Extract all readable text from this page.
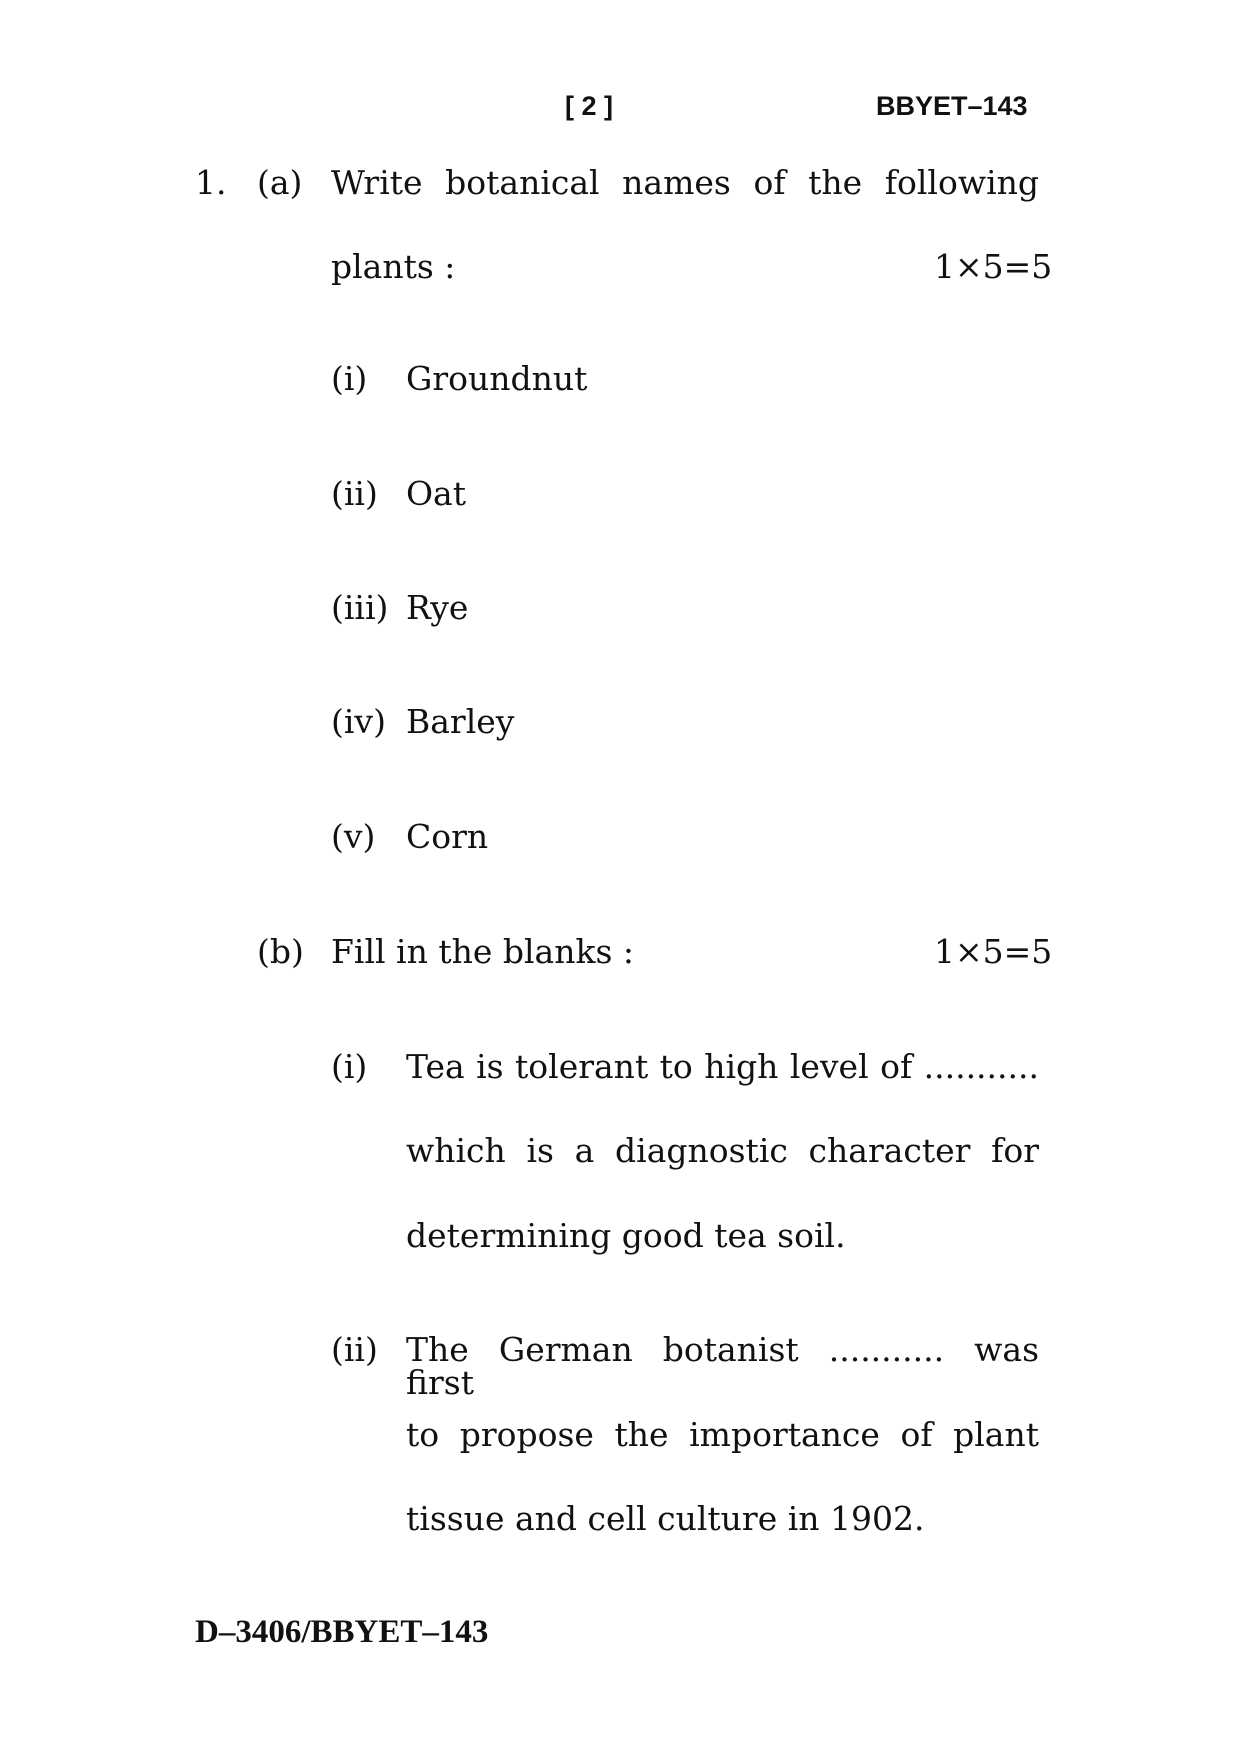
[ 2 ]	BBYET–143
1. (a) Write botanical names of the following
plants :	1×5=5
(i) Groundnut
(ii) Oat
(iii) Rye
(iv) Barley
(v) Corn
(b) Fill in the blanks :	1×5=5
(i) Tea is tolerant to high level of ...........
which is a diagnostic character for
determining good tea soil.
(ii) The German botanist ........... was first
to propose the importance of plant
tissue and cell culture in 1902.
D–3406/BBYET–143
